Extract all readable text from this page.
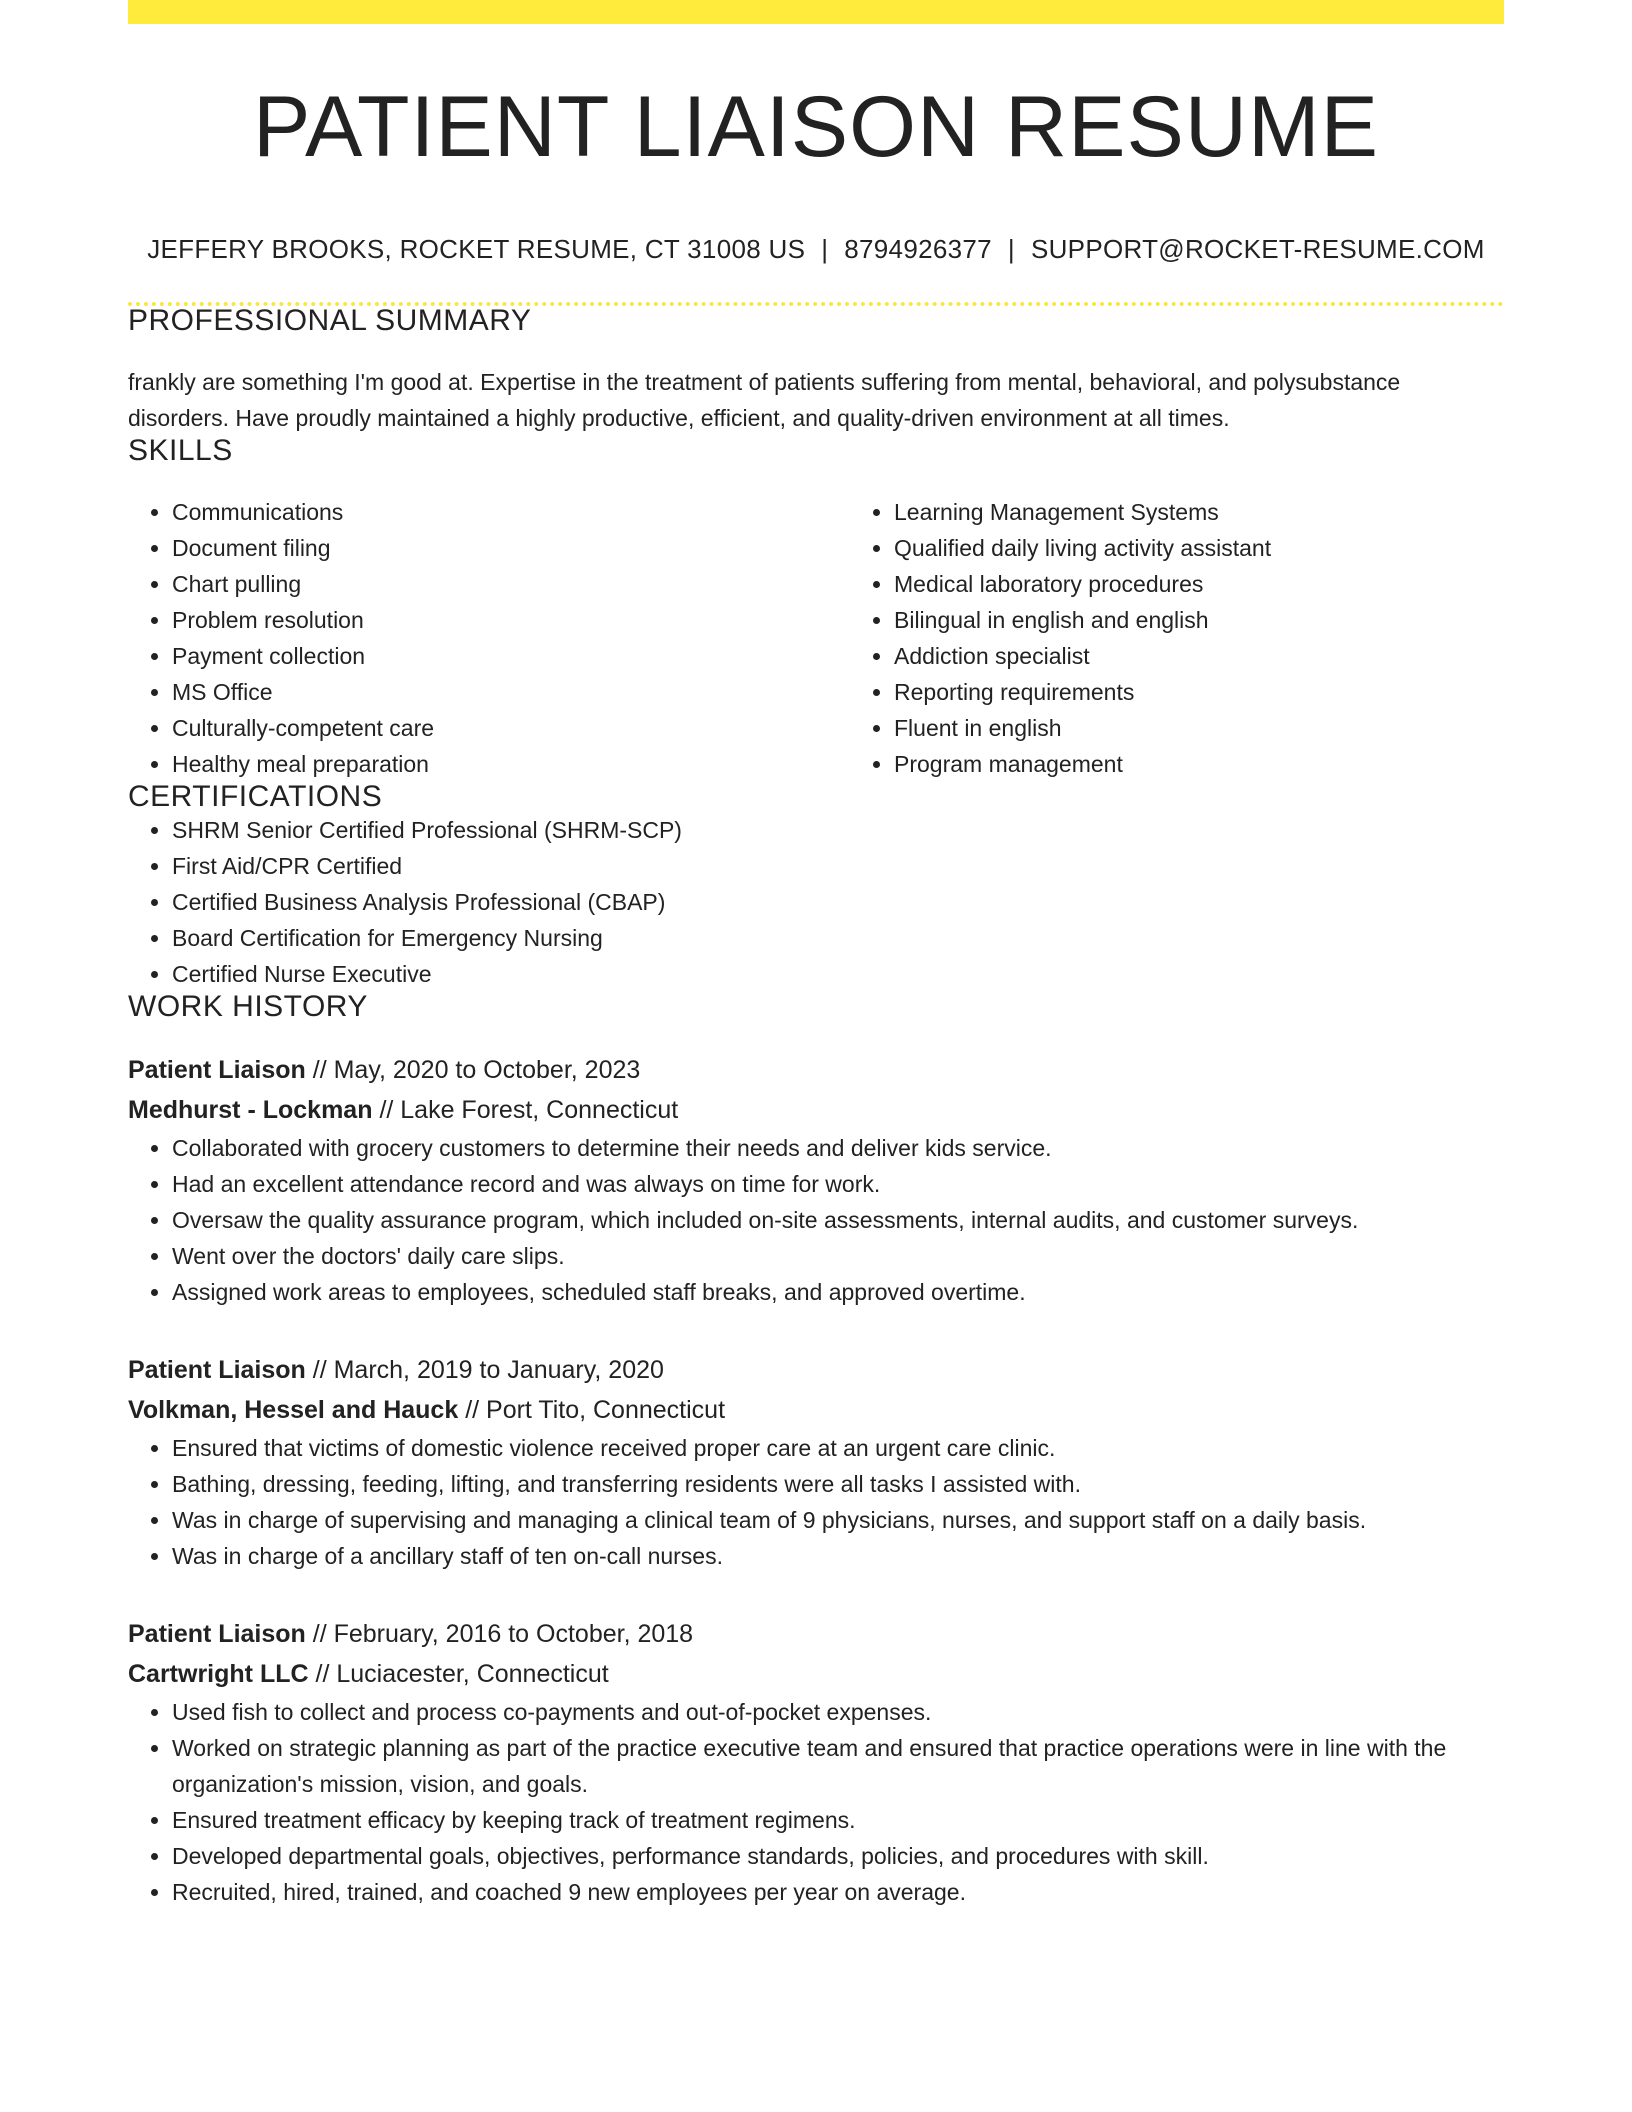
PATIENT LIAISON RESUME
JEFFERY BROOKS, ROCKET RESUME, CT 31008 US | 8794926377 | SUPPORT@ROCKET-RESUME.COM
PROFESSIONAL SUMMARY
frankly are something I'm good at. Expertise in the treatment of patients suffering from mental, behavioral, and polysubstance disorders. Have proudly maintained a highly productive, efficient, and quality-driven environment at all times.
SKILLS
• Communications
• Document filing
• Chart pulling
• Problem resolution
• Payment collection
• MS Office
• Culturally-competent care
• Healthy meal preparation
• Learning Management Systems
• Qualified daily living activity assistant
• Medical laboratory procedures
• Bilingual in english and english
• Addiction specialist
• Reporting requirements
• Fluent in english
• Program management
CERTIFICATIONS
• SHRM Senior Certified Professional (SHRM-SCP)
• First Aid/CPR Certified
• Certified Business Analysis Professional (CBAP)
• Board Certification for Emergency Nursing
• Certified Nurse Executive
WORK HISTORY
Patient Liaison // May, 2020 to October, 2023
Medhurst - Lockman // Lake Forest, Connecticut
• Collaborated with grocery customers to determine their needs and deliver kids service.
• Had an excellent attendance record and was always on time for work.
• Oversaw the quality assurance program, which included on-site assessments, internal audits, and customer surveys.
• Went over the doctors' daily care slips.
• Assigned work areas to employees, scheduled staff breaks, and approved overtime.
Patient Liaison // March, 2019 to January, 2020
Volkman, Hessel and Hauck // Port Tito, Connecticut
• Ensured that victims of domestic violence received proper care at an urgent care clinic.
• Bathing, dressing, feeding, lifting, and transferring residents were all tasks I assisted with.
• Was in charge of supervising and managing a clinical team of 9 physicians, nurses, and support staff on a daily basis.
• Was in charge of a ancillary staff of ten on-call nurses.
Patient Liaison // February, 2016 to October, 2018
Cartwright LLC // Luciacester, Connecticut
• Used fish to collect and process co-payments and out-of-pocket expenses.
• Worked on strategic planning as part of the practice executive team and ensured that practice operations were in line with the organization's mission, vision, and goals.
• Ensured treatment efficacy by keeping track of treatment regimens.
• Developed departmental goals, objectives, performance standards, policies, and procedures with skill.
• Recruited, hired, trained, and coached 9 new employees per year on average.
